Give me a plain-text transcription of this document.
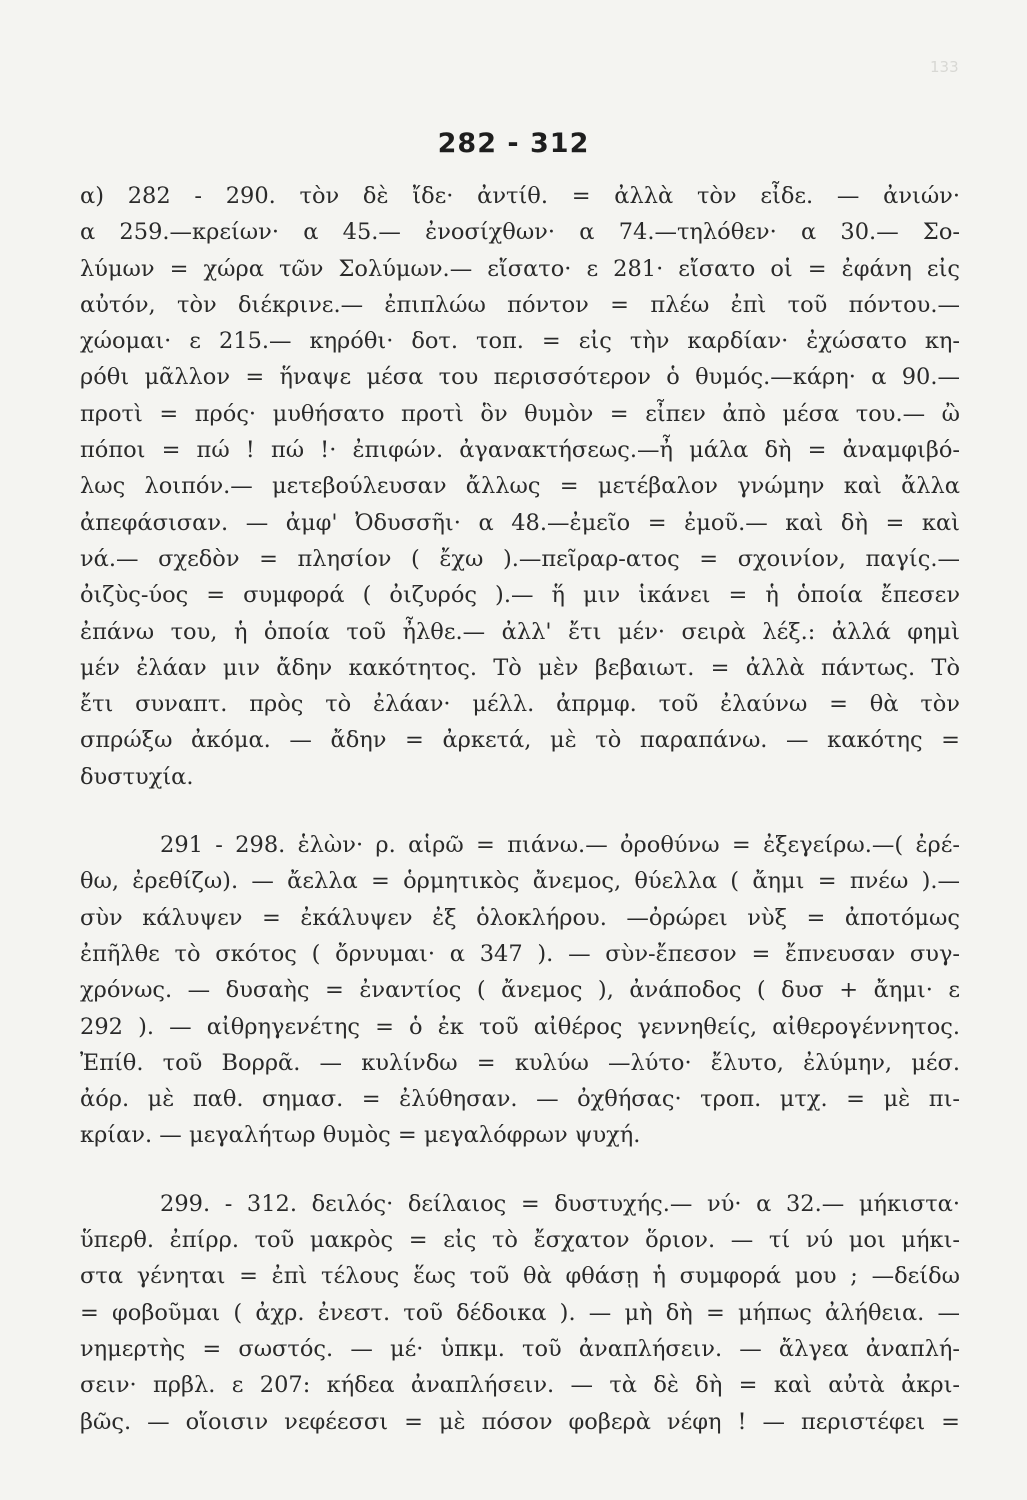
133
282 - 312
α) 282 - 290. τὸν δὲ ἴδε· ἀντίθ. = ἀλλὰ τὸν εἶδε. — ἀνιών·
α 259.—κρείων· α 45.— ἐνοσίχθων· α 74.—τηλόθεν· α 30.— Σο-
λύμων = χώρα τῶν Σολύμων.— εἴσατο· ε 281· εἴσατο οἱ = ἐφάνη εἰς
αὐτόν, τὸν διέκρινε.— ἐπιπλώω πόντον = πλέω ἐπὶ τοῦ πόντου.—
χώομαι· ε 215.— κηρόθι· δοτ. τοπ. = εἰς τὴν καρδίαν· ἐχώσατο κη-
ρόθι μᾶλλον = ἥναψε μέσα του περισσότερον ὁ θυμός.—κάρη· α 90.—
προτὶ = πρός· μυθήσατο προτὶ ὃν θυμὸν = εἶπεν ἀπὸ μέσα του.— ὢ
πόποι = πώ ! πώ !· ἐπιφών. ἀγανακτήσεως.—ἦ μάλα δὴ = ἀναμφιβό-
λως λοιπόν.— μετεβούλευσαν ἄλλως = μετέβαλον γνώμην καὶ ἄλλα
ἀπεφάσισαν. — ἀμφ' Ὀδυσσῆι· α 48.—ἐμεῖο = ἐμοῦ.— καὶ δὴ = καὶ
νά.— σχεδὸν = πλησίον ( ἔχω ).—πεῖραρ-ατος = σχοινίον, παγίς.—
ὀιζὺς-ύος = συμφορά ( ὀιζυρός ).— ἥ μιν ἱκάνει = ἡ ὁποία ἔπεσεν
ἐπάνω του, ἡ ὁποία τοῦ ἦλθε.— ἀλλ' ἔτι μέν· σειρὰ λέξ.: ἀλλά φημὶ
μέν ἐλάαν μιν ἄδην κακότητος. Τὸ μὲν βεβαιωτ. = ἀλλὰ πάντως. Τὸ
ἔτι συναπτ. πρὸς τὸ ἐλάαν· μέλλ. ἀπρμφ. τοῦ ἐλαύνω = θὰ τὸν
σπρώξω ἀκόμα. — ἄδην = ἀρκετά, μὲ τὸ παραπάνω. — κακότης =
δυστυχία.
291 - 298. ἑλὼν· ρ. αἱρῶ = πιάνω.— ὀροθύνω = ἐξεγείρω.—( ἐρέ-
θω, ἐρεθίζω). — ἄελλα = ὁρμητικὸς ἄνεμος, θύελλα ( ἄημι = πνέω ).—
σὺν κάλυψεν = ἐκάλυψεν ἐξ ὁλοκλήρου. —ὀρώρει νὺξ = ἀποτόμως
ἐπῆλθε τὸ σκότος ( ὄρνυμαι· α 347 ). — σὺν-ἔπεσον = ἔπνευσαν συγ-
χρόνως. — δυσαὴς = ἐναντίος ( ἄνεμος ), ἀνάποδος ( δυσ + ἄημι· ε
292 ). — αἰθρηγενέτης = ὁ ἐκ τοῦ αἰθέρος γεννηθείς, αἰθερογέννητος.
Ἐπίθ. τοῦ Βορρᾶ. — κυλίνδω = κυλύω —λύτο· ἔλυτο, ἐλύμην, μέσ.
ἀόρ. μὲ παθ. σημασ. = ἐλύθησαν. — ὀχθήσας· τροπ. μτχ. = μὲ πι-
κρίαν. — μεγαλήτωρ θυμὸς = μεγαλόφρων ψυχή.
299. - 312. δειλός· δείλαιος = δυστυχής.— νύ· α 32.— μήκιστα·
ὕπερθ. ἐπίρρ. τοῦ μακρὸς = εἰς τὸ ἔσχατον ὅριον. — τί νύ μοι μήκι-
στα γένηται = ἐπὶ τέλους ἕως τοῦ θὰ φθάσῃ ἡ συμφορά μου ; —δείδω
= φοβοῦμαι ( ἀχρ. ἐνεστ. τοῦ δέδοικα ). — μὴ δὴ = μήπως ἀλήθεια. —
νημερτὴς = σωστός. — μέ· ὑπκμ. τοῦ ἀναπλήσειν. — ἄλγεα ἀναπλή-
σειν· πρβλ. ε 207: κήδεα ἀναπλήσειν. — τὰ δὲ δὴ = καὶ αὐτὰ ἀκρι-
βῶς. — οἵοισιν νεφέεσσι = μὲ πόσον φοβερὰ νέφη ! — περιστέφει =
